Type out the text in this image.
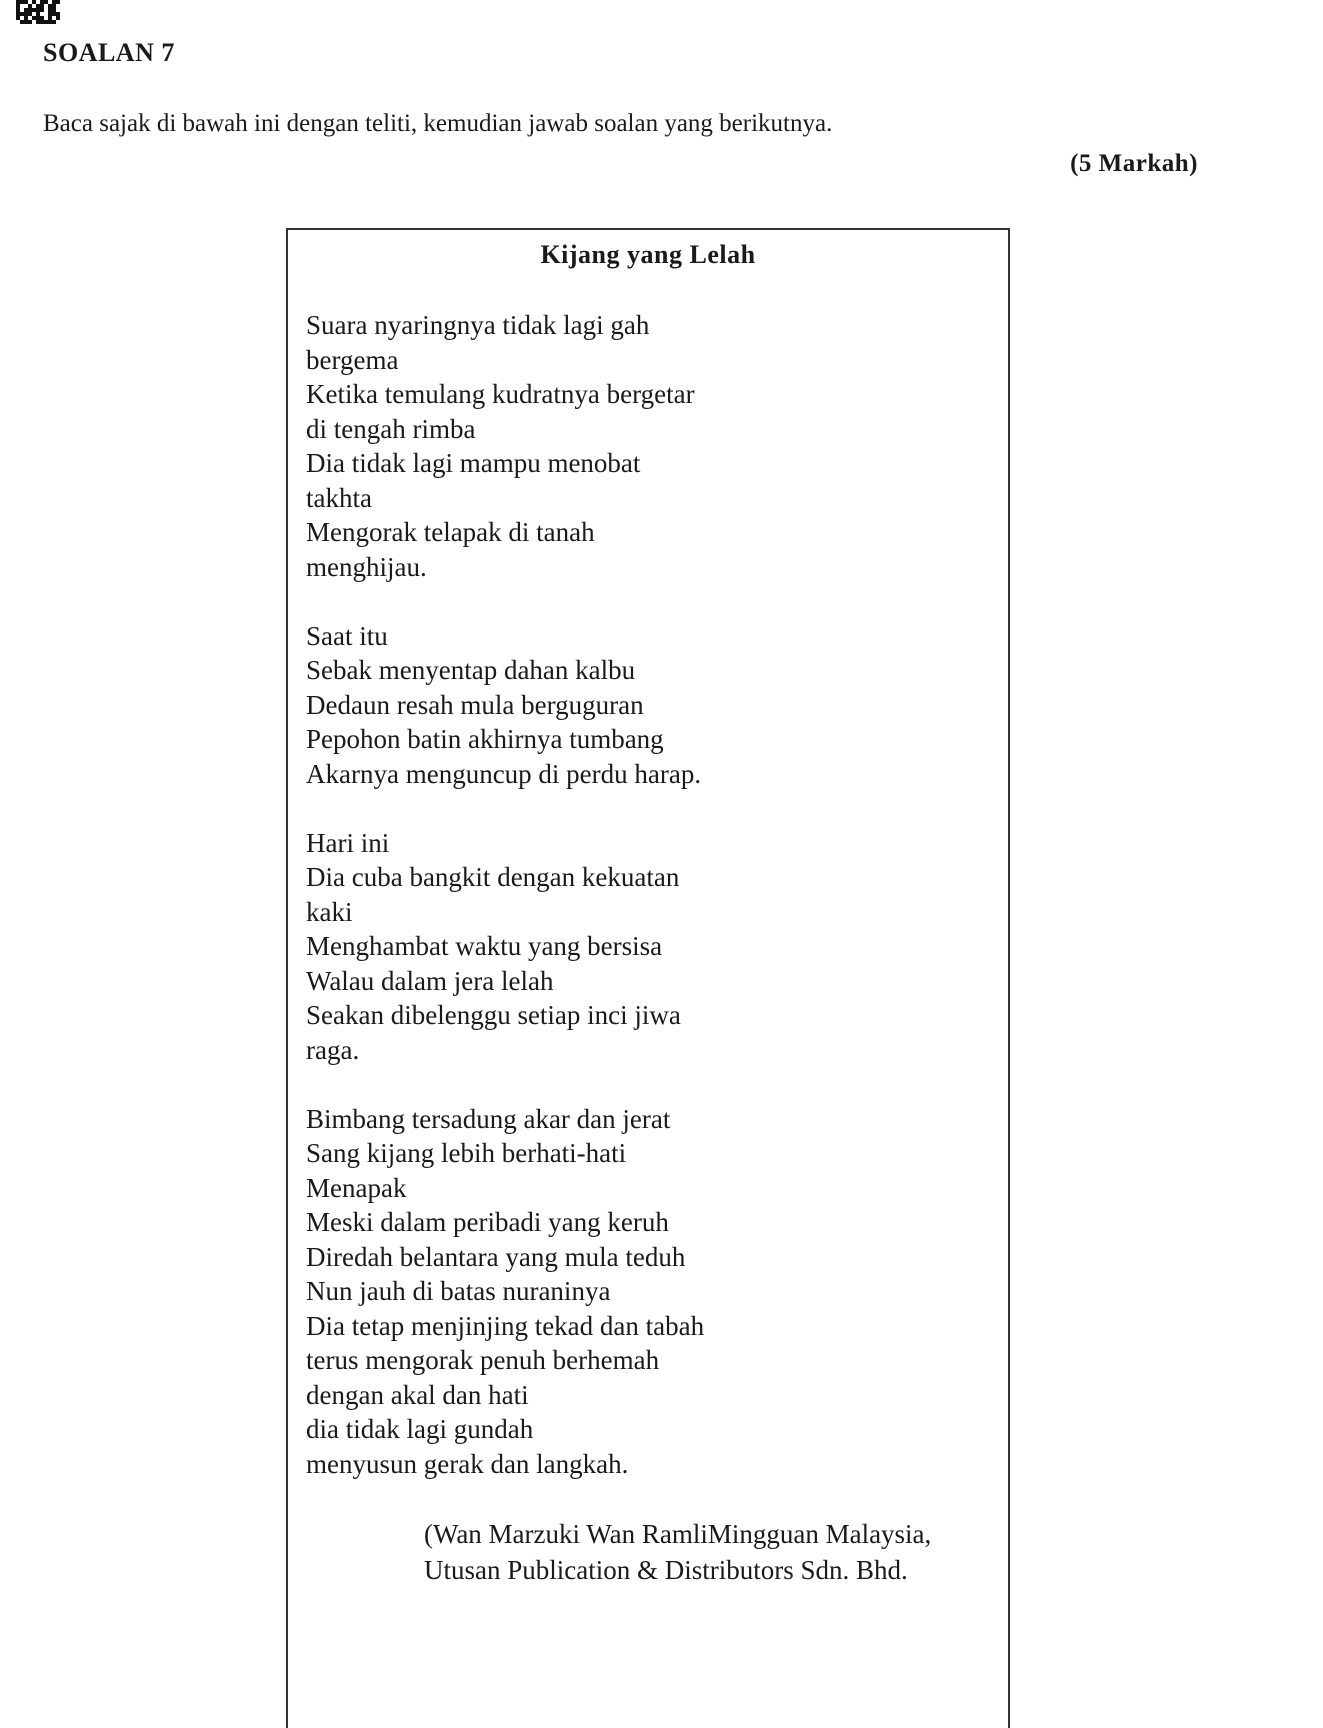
SOALAN 7
Baca sajak di bawah ini dengan teliti, kemudian jawab soalan yang berikutnya.
(5 Markah)
Kijang yang Lelah
Suara nyaringnya tidak lagi gah
bergema
Ketika temulang kudratnya bergetar
di tengah rimba
Dia tidak lagi mampu menobat
takhta
Mengorak telapak di tanah
menghijau.
Saat itu
Sebak menyentap dahan kalbu
Dedaun resah mula berguguran
Pepohon batin akhirnya tumbang
Akarnya menguncup di perdu harap.
Hari ini
Dia cuba bangkit dengan kekuatan
kaki
Menghambat waktu yang bersisa
Walau dalam jera lelah
Seakan dibelenggu setiap inci jiwa
raga.
Bimbang tersadung akar dan jerat
Sang kijang lebih berhati-hati
Menapak
Meski dalam peribadi yang keruh
Diredah belantara yang mula teduh
Nun jauh di batas nuraninya
Dia tetap menjinjing tekad dan tabah
terus mengorak penuh berhemah
dengan akal dan hati
dia tidak lagi gundah
menyusun gerak dan langkah.
(Wan Marzuki Wan RamliMingguan Malaysia,
Utusan Publication & Distributors Sdn. Bhd.
